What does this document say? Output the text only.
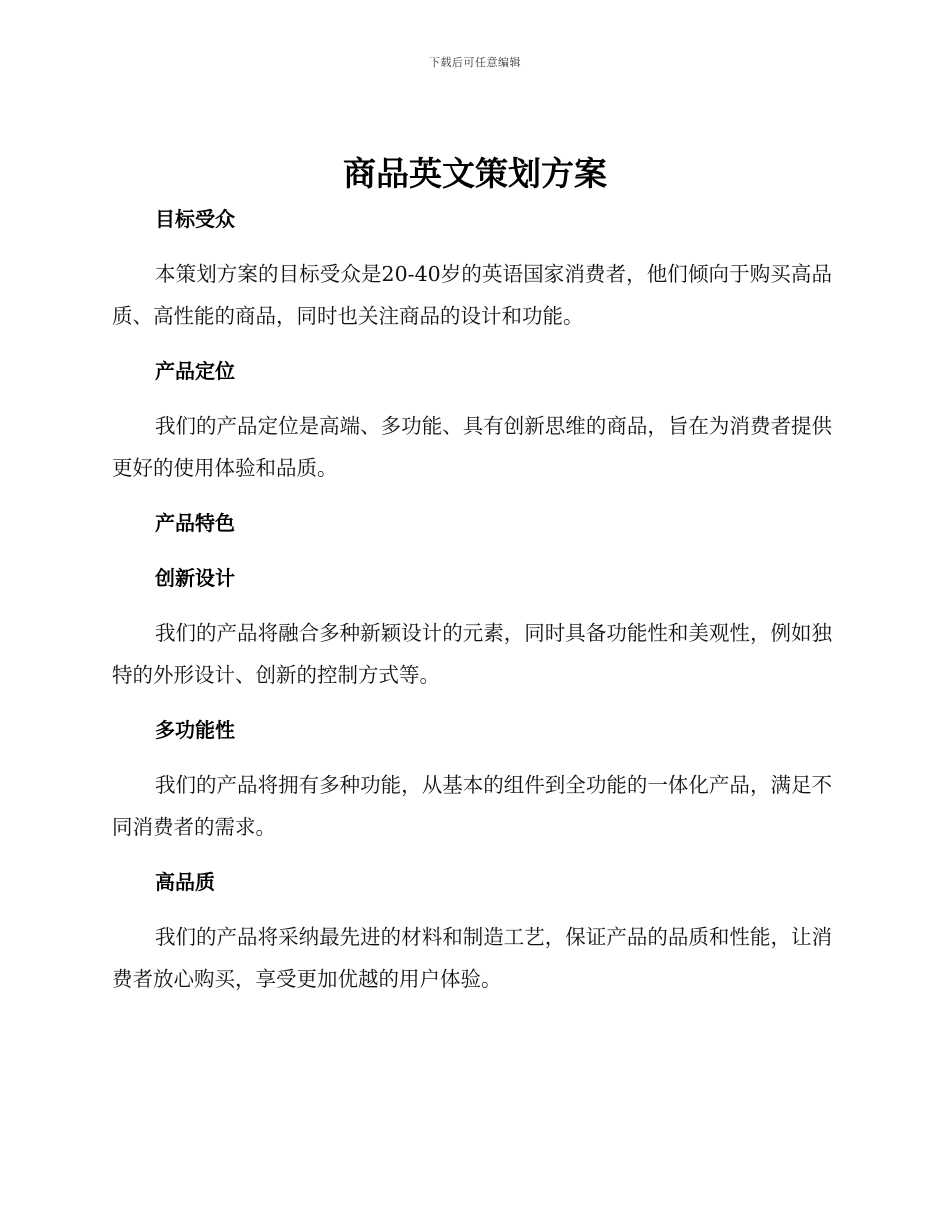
下载后可任意编辑
商品英文策划方案
目标受众

本策划方案的目标受众是20-40岁的英语国家消费者，他们倾向于购买高品质、高性能的商品，同时也关注商品的设计和功能。

产品定位

我们的产品定位是高端、多功能、具有创新思维的商品，旨在为消费者提供更好的使用体验和品质。

产品特色
创新设计

我们的产品将融合多种新颖设计的元素，同时具备功能性和美观性，例如独特的外形设计、创新的控制方式等。

多功能性

我们的产品将拥有多种功能，从基本的组件到全功能的一体化产品，满足不同消费者的需求。

高品质

我们的产品将采纳最先进的材料和制造工艺，保证产品的品质和性能，让消费者放心购买，享受更加优越的用户体验。
